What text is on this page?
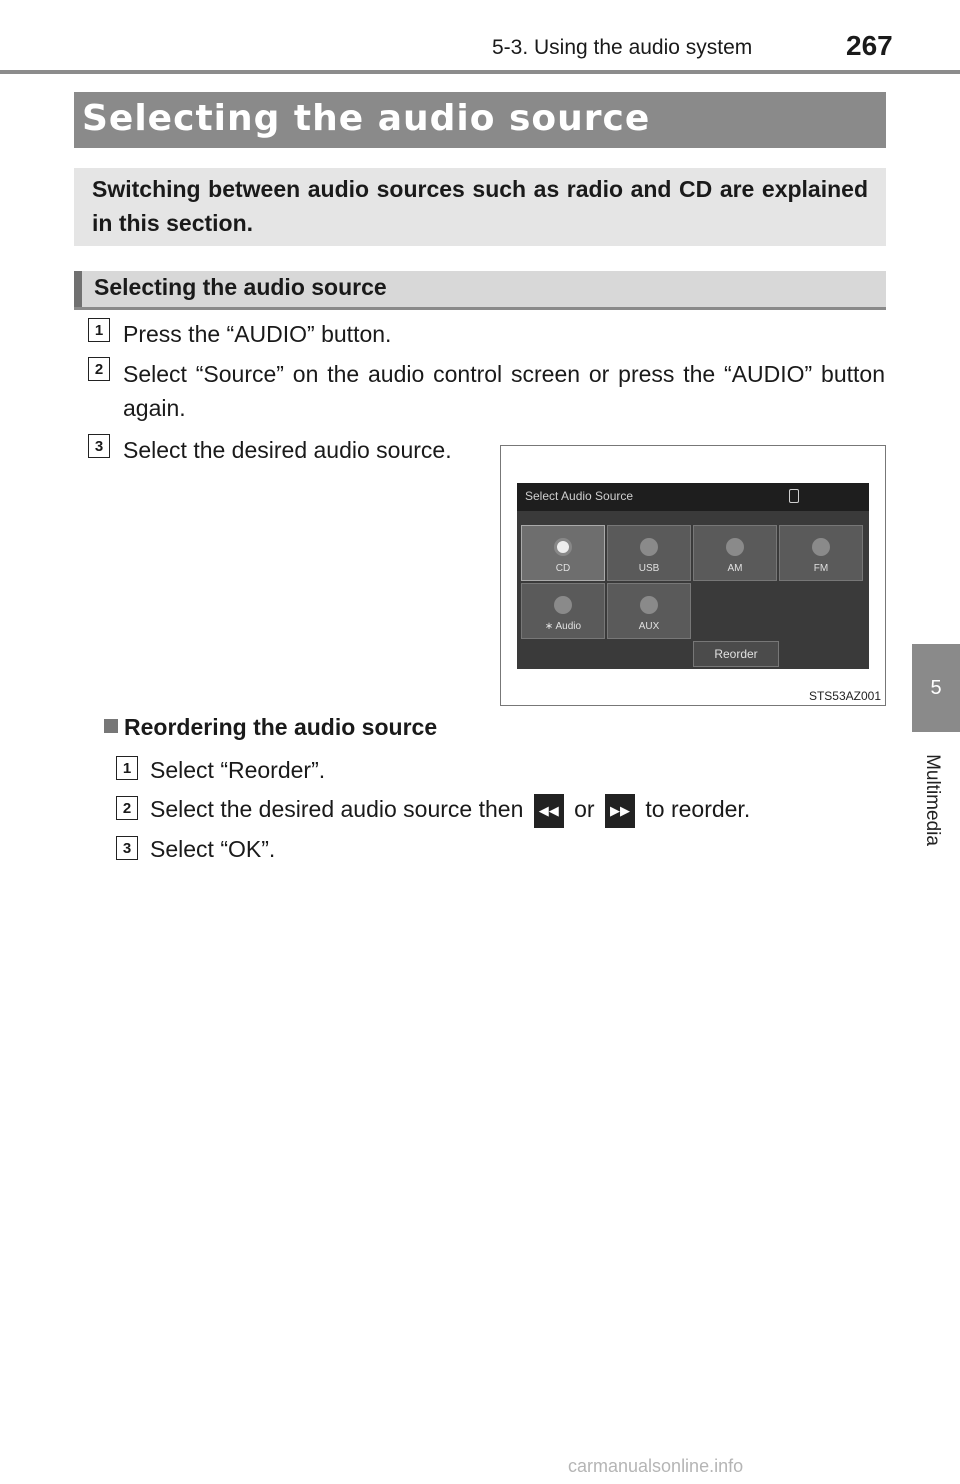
5-3. Using the audio system	267
5
Multimedia
Selecting the audio source

Switching between audio sources such as radio and CD are explained in this section.

Selecting the audio source
1 Press the “AUDIO” button.
2 Select “Source” on the audio control screen or press the “AUDIO” button again.
3 Select the desired audio source.
Select Audio Source
CD	USB	AM	FM
∗ Audio	AUX
Reorder
STS53AZ001
Reordering the audio source
1 Select “Reorder”.
2 Select the desired audio source then ◀◀ or ▶▶ to reorder.
3 Select “OK”.
carmanualsonline.info
